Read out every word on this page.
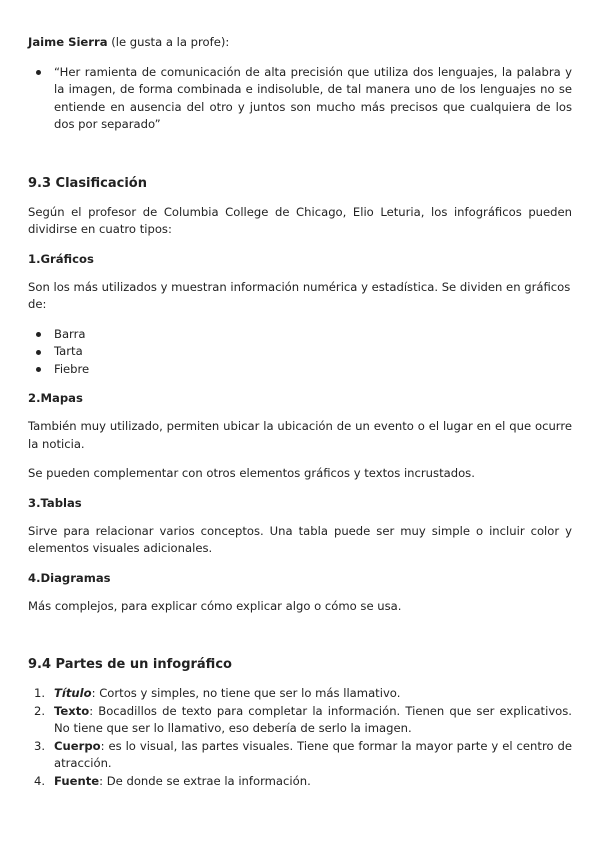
Jaime Sierra (le gusta a la profe):

“Her ramienta de comunicación de alta precisión que utiliza dos lenguajes, la palabra y la imagen, de forma combinada e indisoluble, de tal manera uno de los lenguajes no se entiende en ausencia del otro y juntos son mucho más precisos que cualquiera de los dos por separado”
9.3 Clasificación

Según el profesor de Columbia College de Chicago, Elio Leturia, los infográficos pueden dividirse en cuatro tipos:

1.Gráficos

Son los más utilizados y muestran información numérica y estadística. Se dividen en gráficos de:

Barra
Tarta
Fiebre
2.Mapas

También muy utilizado, permiten ubicar la ubicación de un evento o el lugar en el que ocurre la noticia.

Se pueden complementar con otros elementos gráficos y textos incrustados.

3.Tablas

Sirve para relacionar varios conceptos. Una tabla puede ser muy simple o incluir color y elementos visuales adicionales.

4.Diagramas

Más complejos, para explicar cómo explicar algo o cómo se usa.

9.4 Partes de un infográfico
1. Título: Cortos y simples, no tiene que ser lo más llamativo.
2. Texto: Bocadillos de texto para completar la información. Tienen que ser explicativos. No tiene que ser lo llamativo, eso debería de serlo la imagen.
3. Cuerpo: es lo visual, las partes visuales. Tiene que formar la mayor parte y el centro de atracción.
4. Fuente: De donde se extrae la información.
